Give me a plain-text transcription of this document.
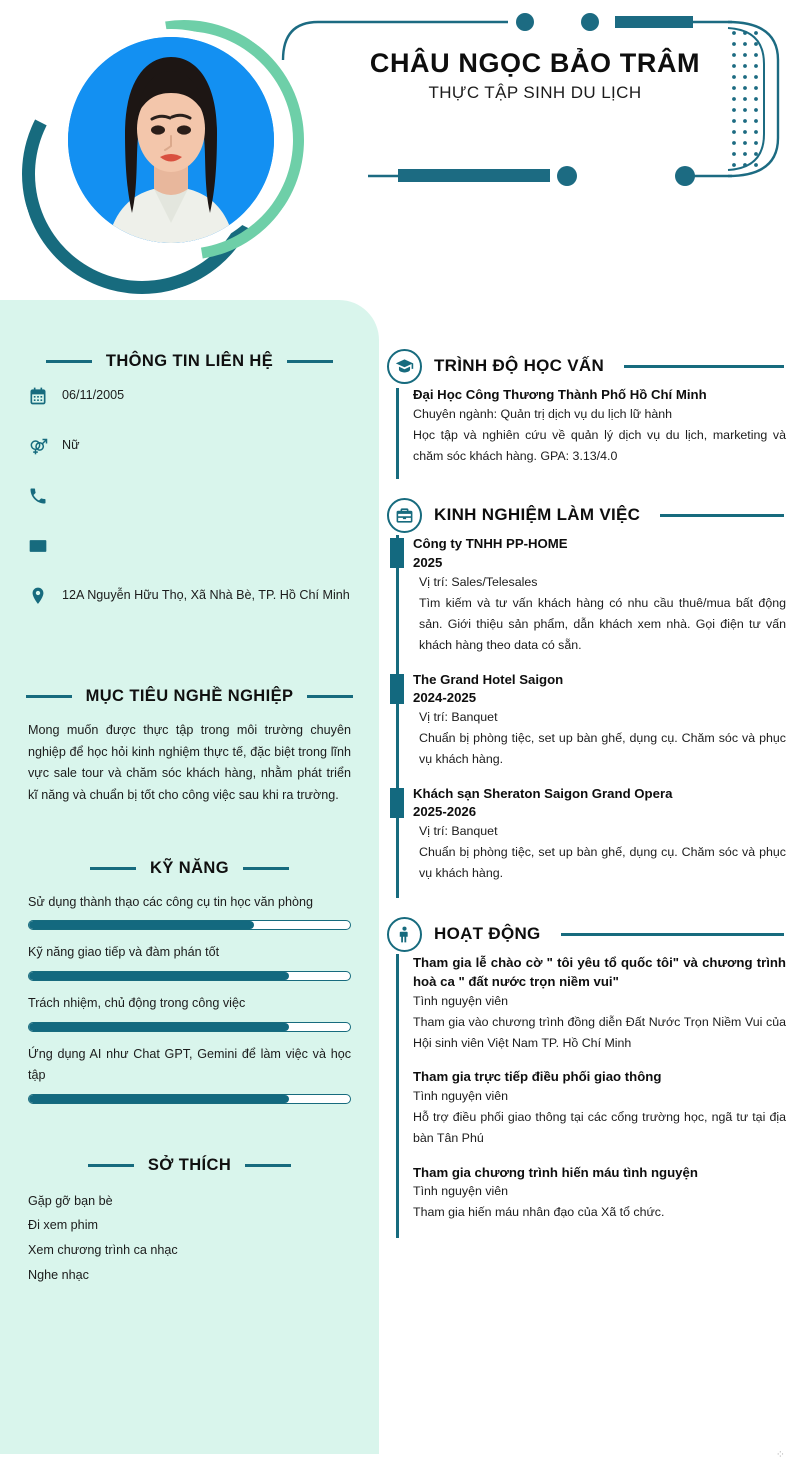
CHÂU NGỌC BẢO TRÂM
THỰC TẬP SINH DU LỊCH
THÔNG TIN LIÊN HỆ
06/11/2005
Nữ
12A Nguyễn Hữu Thọ, Xã Nhà Bè, TP. Hồ Chí Minh
MỤC TIÊU NGHỀ NGHIỆP
Mong muốn được thực tập trong môi trường chuyên nghiệp để học hỏi kinh nghiệm thực tế, đặc biệt trong lĩnh vực sale tour và chăm sóc khách hàng, nhằm phát triển kĩ năng và chuẩn bị tốt cho công việc sau khi ra trường.
KỸ NĂNG
Sử dụng thành thạo các công cụ tin học văn phòng
Kỹ năng giao tiếp và đàm phán tốt
Trách nhiệm, chủ động trong công việc
Ứng dụng AI như Chat GPT, Gemini để làm việc và học tập
SỞ THÍCH
Gặp gỡ bạn bè
Đi xem phim
Xem chương trình ca nhạc
Nghe nhạc
TRÌNH ĐỘ HỌC VẤN
Đại Học Công Thương Thành Phố Hồ Chí Minh
Chuyên ngành: Quản trị dịch vụ du lịch lữ hành
Học tập và nghiên cứu về quản lý dịch vụ du lịch, marketing và chăm sóc khách hàng. GPA: 3.13/4.0
KINH NGHIỆM LÀM VIỆC
Công ty TNHH PP-HOME
2025
Vị trí: Sales/Telesales
Tìm kiếm và tư vấn khách hàng có nhu cầu thuê/mua bất động sản. Giới thiệu sản phẩm, dẫn khách xem nhà. Gọi điện tư vấn khách hàng theo data có sẵn.
The Grand Hotel Saigon
2024-2025
Vị trí: Banquet
Chuẩn bị phòng tiệc, set up bàn ghế, dụng cụ. Chăm sóc và phục vụ khách hàng.
Khách sạn Sheraton Saigon Grand Opera
2025-2026
Vị trí: Banquet
Chuẩn bị phòng tiệc, set up bàn ghế, dụng cụ. Chăm sóc và phục vụ khách hàng.
HOẠT ĐỘNG
Tham gia lễ chào cờ " tôi yêu tổ quốc tôi" và chương trình hoà ca " đất nước trọn niềm vui"
Tình nguyện viên
Tham gia vào chương trình đồng diễn Đất Nước Trọn Niềm Vui của Hội sinh viên Việt Nam TP. Hồ Chí Minh
Tham gia trực tiếp điều phối giao thông
Tình nguyện viên
Hỗ trợ điều phối giao thông tại các cổng trường học, ngã tư tại địa bàn Tân Phú
Tham gia chương trình hiến máu tình nguyện
Tình nguyện viên
Tham gia hiến máu nhân đạo của Xã tổ chức.
⁘
